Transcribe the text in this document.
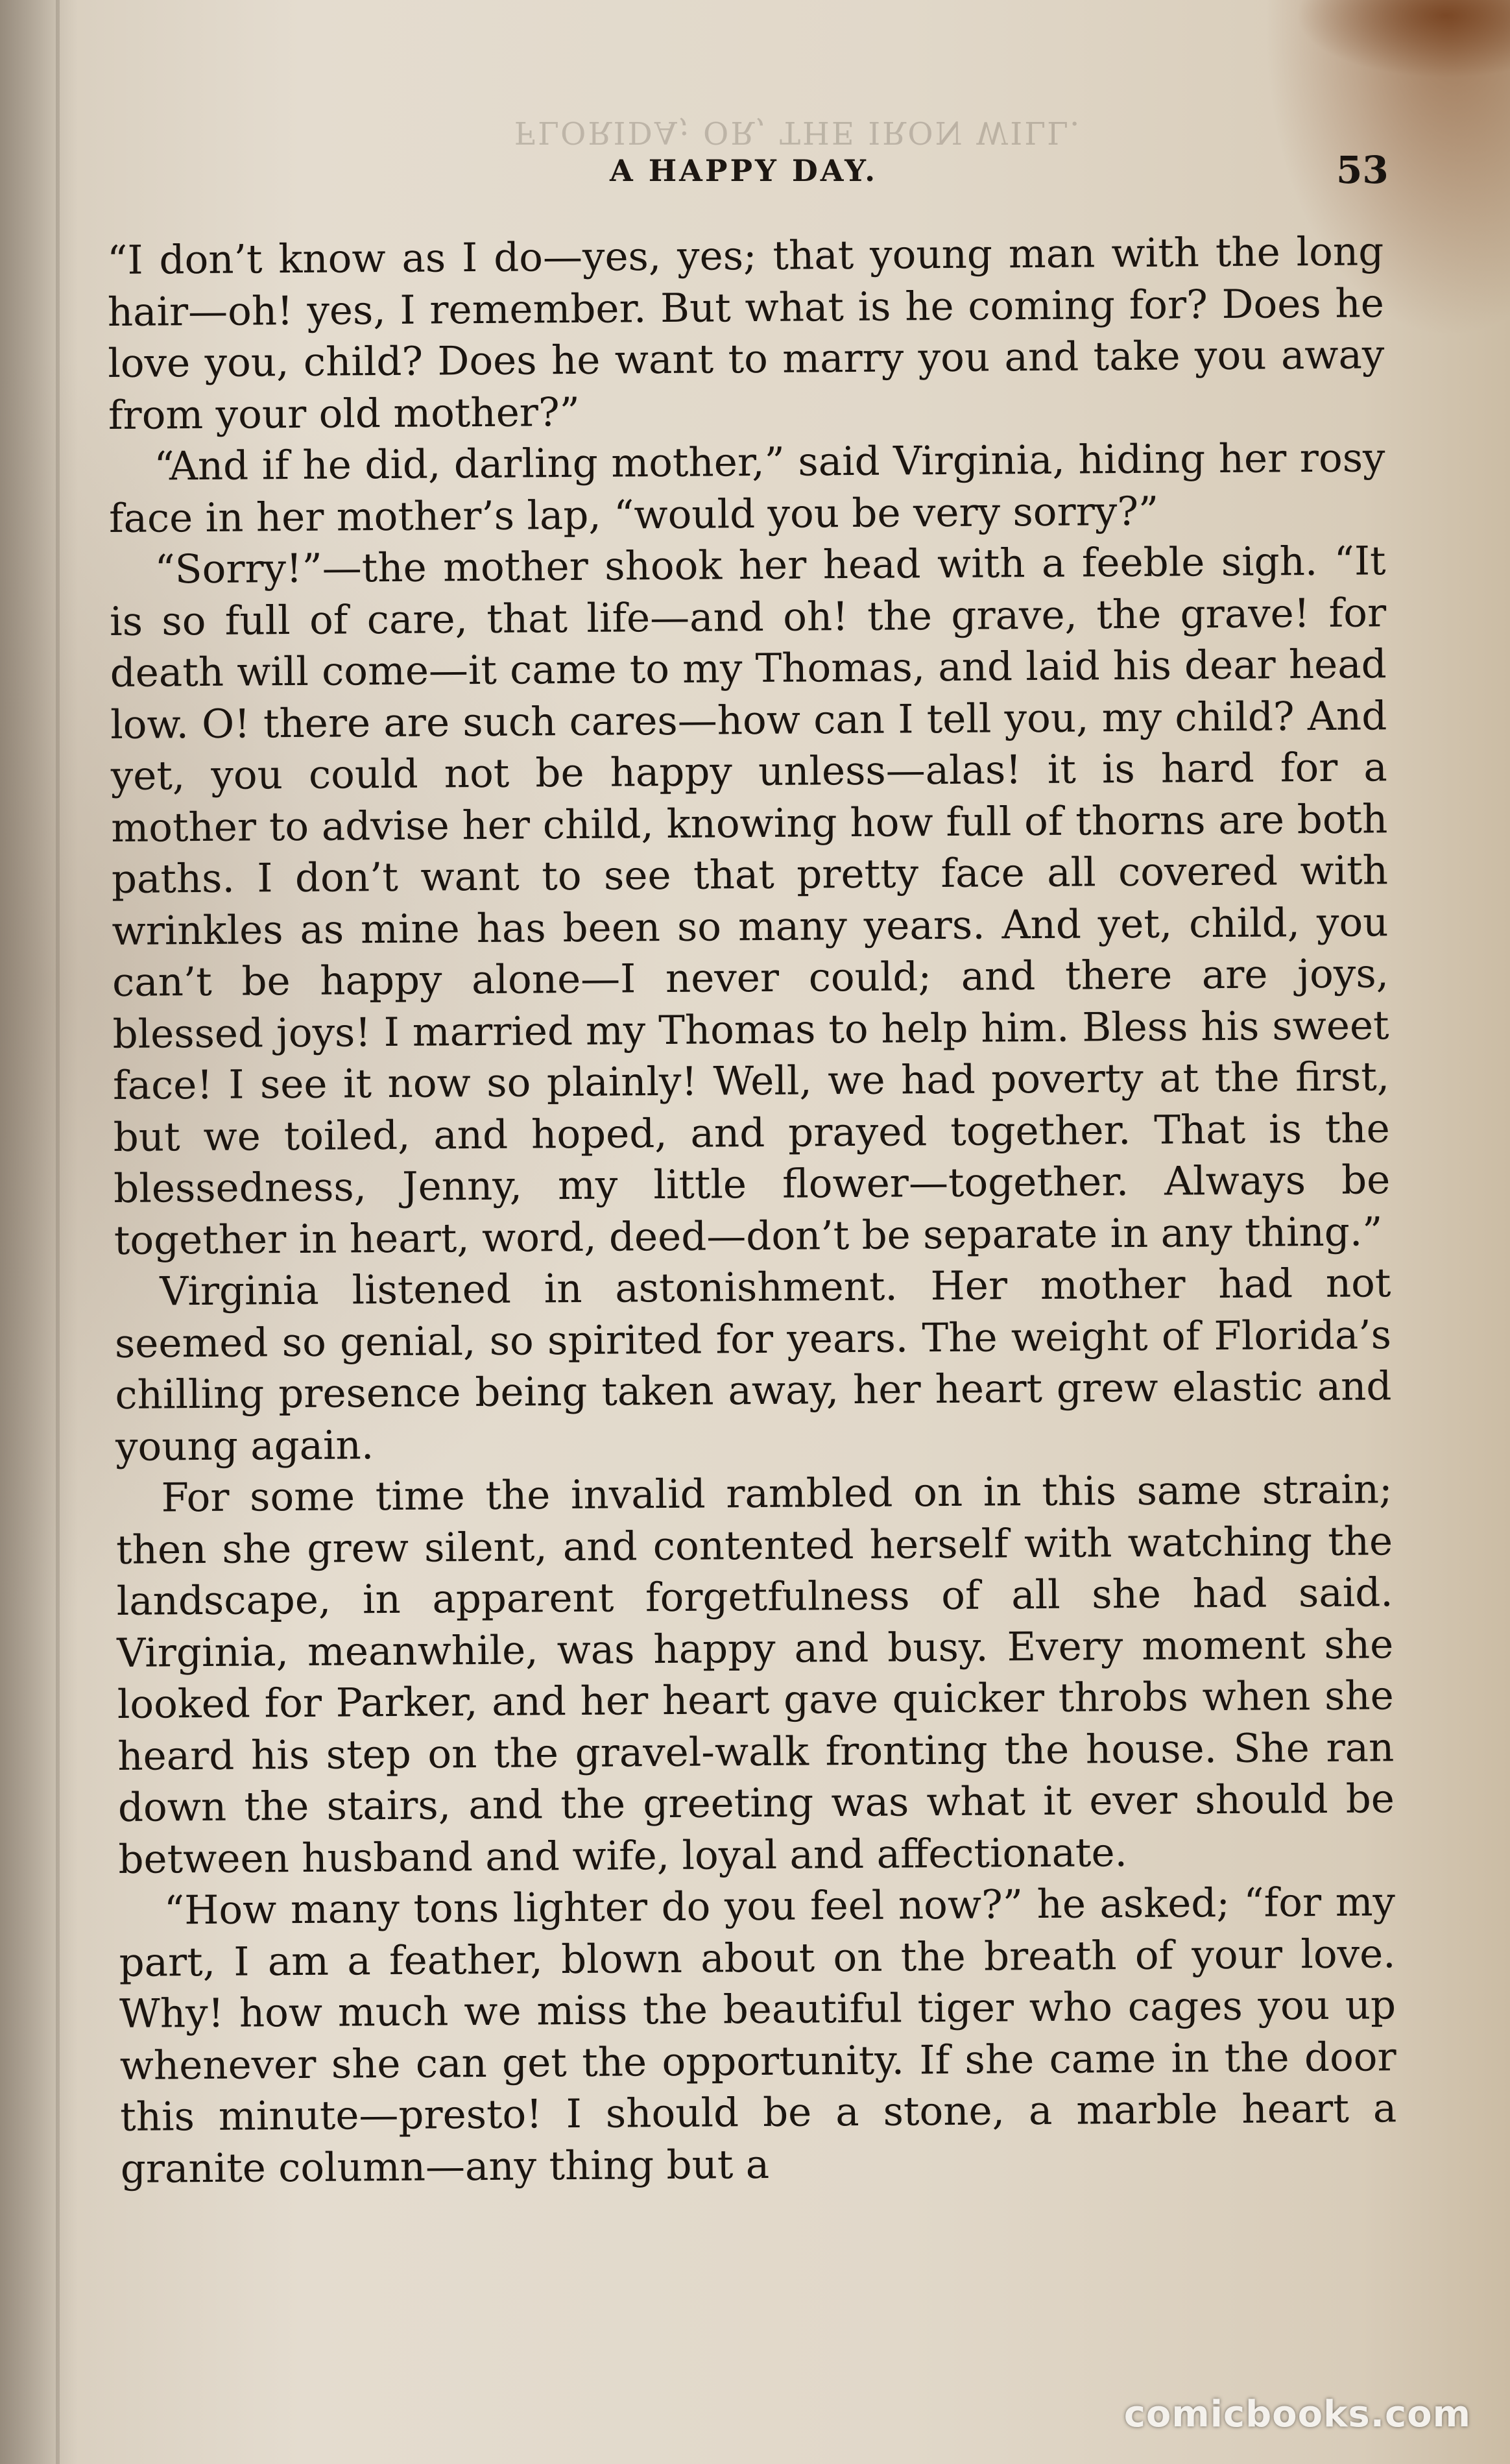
FLORIDA; OR, THE IRON WILL.
A HAPPY DAY.	53

“I don’t know as I do—yes, yes; that young man with the long hair—oh! yes, I remember. But what is he coming for? Does he love you, child? Does he want to marry you and take you away from your old mother?”

“And if he did, darling mother,” said Virginia, hiding her rosy face in her mother’s lap, “would you be very sorry?”

“Sorry!”—the mother shook her head with a feeble sigh. “It is so full of care, that life—and oh! the grave, the grave! for death will come—it came to my Thomas, and laid his dear head low. O! there are such cares—how can I tell you, my child? And yet, you could not be happy unless—alas! it is hard for a mother to advise her child, knowing how full of thorns are both paths. I don’t want to see that pretty face all covered with wrinkles as mine has been so many years. And yet, child, you can’t be happy alone—I never could; and there are joys, blessed joys! I married my Thomas to help him. Bless his sweet face! I see it now so plainly! Well, we had poverty at the first, but we toiled, and hoped, and prayed together. That is the blessedness, Jenny, my little flower—together. Always be together in heart, word, deed—don’t be separate in any thing.”

Virginia listened in astonishment. Her mother had not seemed so genial, so spirited for years. The weight of Florida’s chilling presence being taken away, her heart grew elastic and young again.

For some time the invalid rambled on in this same strain; then she grew silent, and contented herself with watching the landscape, in apparent forgetfulness of all she had said. Virginia, meanwhile, was happy and busy. Every moment she looked for Parker, and her heart gave quicker throbs when she heard his step on the gravel-walk fronting the house. She ran down the stairs, and the greeting was what it ever should be between husband and wife, loyal and affectionate.

“How many tons lighter do you feel now?” he asked; “for my part, I am a feather, blown about on the breath of your love. Why! how much we miss the beautiful tiger who cages you up whenever she can get the opportunity. If she came in the door this minute—presto! I should be a stone, a marble heart a granite column—any thing but a

comicbooks.com
